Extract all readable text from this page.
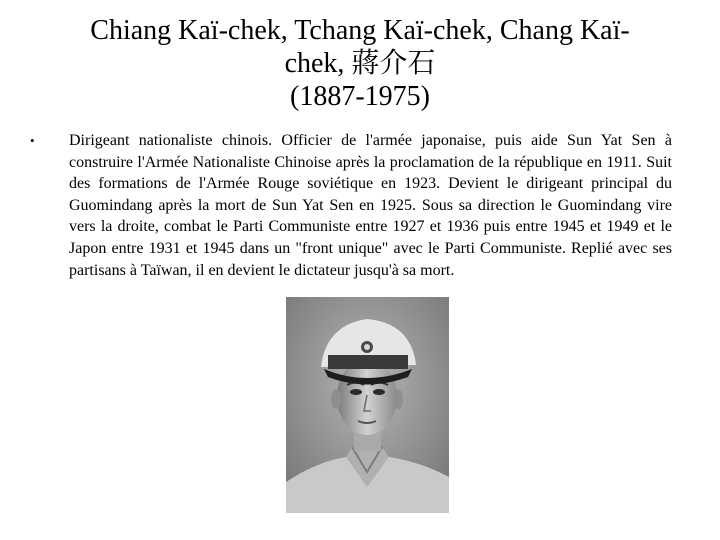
Chiang Kaï-chek, Tchang Kaï-chek, Chang Kaï-
chek, 蔣介石
(1887-1975)
• Dirigeant nationaliste chinois. Officier de l'armée japonaise, puis aide Sun Yat Sen à construire l'Armée Nationaliste Chinoise après la proclamation de la république en 1911. Suit des formations de l'Armée Rouge soviétique en 1923. Devient le dirigeant principal du Guomindang après la mort de Sun Yat Sen en 1925. Sous sa direction le Guomindang vire vers la droite, combat le Parti Communiste entre 1927 et 1936 puis entre 1945 et 1949 et le Japon entre 1931 et 1945 dans un "front unique" avec le Parti Communiste. Replié avec ses partisans à Taïwan, il en devient le dictateur jusqu'à sa mort.
